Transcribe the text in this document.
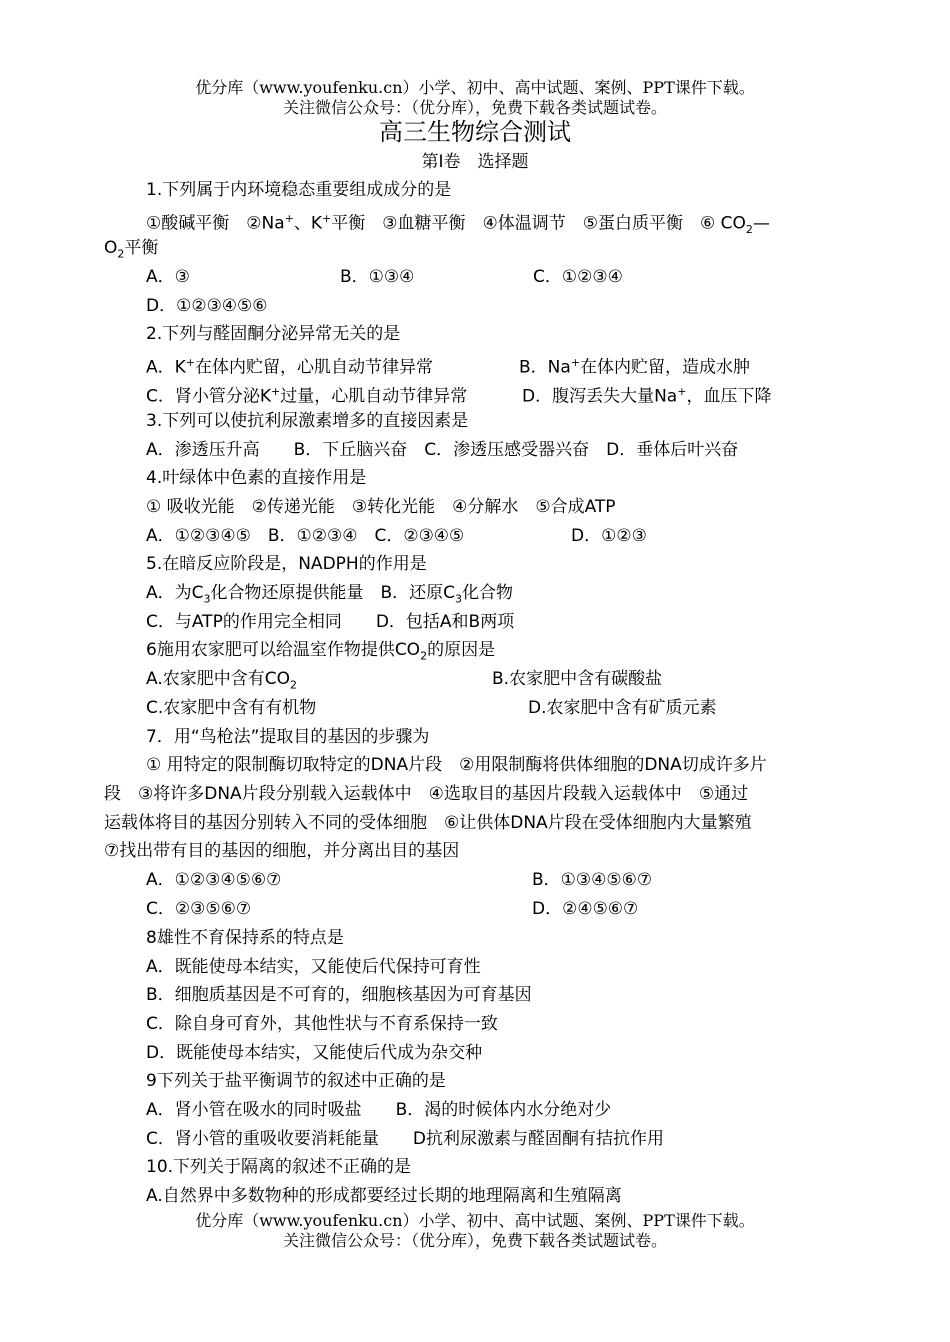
优分库（www.youfenku.cn）小学、初中、高中试题、案例、PPT课件下载。
关注微信公众号：（优分库），免费下载各类试题试卷。
高三生物综合测试
第Ⅰ卷　选择题
1.下列属于内环境稳态重要组成成分的是
①酸碱平衡　②Na+、K+平衡　③血糖平衡　④体温调节　⑤蛋白质平衡　⑥ $CO_2—$
$O_2$平衡
A．③	B．①③④	C．①②③④
D．①②③④⑤⑥
2.下列与醛固酮分泌异常无关的是
A．K+在体内贮留，心肌自动节律异常	B．Na+在体内贮留，造成水肿
C．肾小管分泌K+过量，心肌自动节律异常	D．腹泻丢失大量Na+，血压下降
3.下列可以使抗利尿激素增多的直接因素是
A．渗透压升高　　B．下丘脑兴奋　C．渗透压感受器兴奋　D．垂体后叶兴奋
4.叶绿体中色素的直接作用是
① 吸收光能　②传递光能　③转化光能　④分解水　⑤合成ATP
A．①②③④⑤　B．①②③④　C．②③④⑤	D．①②③
5.在暗反应阶段是，NADPH的作用是
A．为$C_3$化合物还原提供能量　B．还原$C_3$化合物
C．与ATP的作用完全相同　　D．包括A和B两项
6施用农家肥可以给温室作物提供$CO_2$的原因是
A.农家肥中含有$CO_2$	B.农家肥中含有碳酸盐
C.农家肥中含有有机物	D.农家肥中含有矿质元素
7．用“鸟枪法”提取目的基因的步骤为
① 用特定的限制酶切取特定的DNA片段　②用限制酶将供体细胞的DNA切成许多片
段　③将许多DNA片段分别载入运载体中　④选取目的基因片段载入运载体中　⑤通过
运载体将目的基因分别转入不同的受体细胞　⑥让供体DNA片段在受体细胞内大量繁殖
⑦找出带有目的基因的细胞，并分离出目的基因
A．①②③④⑤⑥⑦	B．①③④⑤⑥⑦
C．②③⑤⑥⑦	D．②④⑤⑥⑦
8雄性不育保持系的特点是
A．既能使母本结实，又能使后代保持可育性
B．细胞质基因是不可育的，细胞核基因为可育基因
C．除自身可育外，其他性状与不育系保持一致
D．既能使母本结实，又能使后代成为杂交种
9下列关于盐平衡调节的叙述中正确的是
A．肾小管在吸水的同时吸盐　　B．渴的时候体内水分绝对少
C．肾小管的重吸收要消耗能量　　D抗利尿激素与醛固酮有拮抗作用
10.下列关于隔离的叙述不正确的是
A.自然界中多数物种的形成都要经过长期的地理隔离和生殖隔离
优分库（www.youfenku.cn）小学、初中、高中试题、案例、PPT课件下载。
关注微信公众号：（优分库），免费下载各类试题试卷。
